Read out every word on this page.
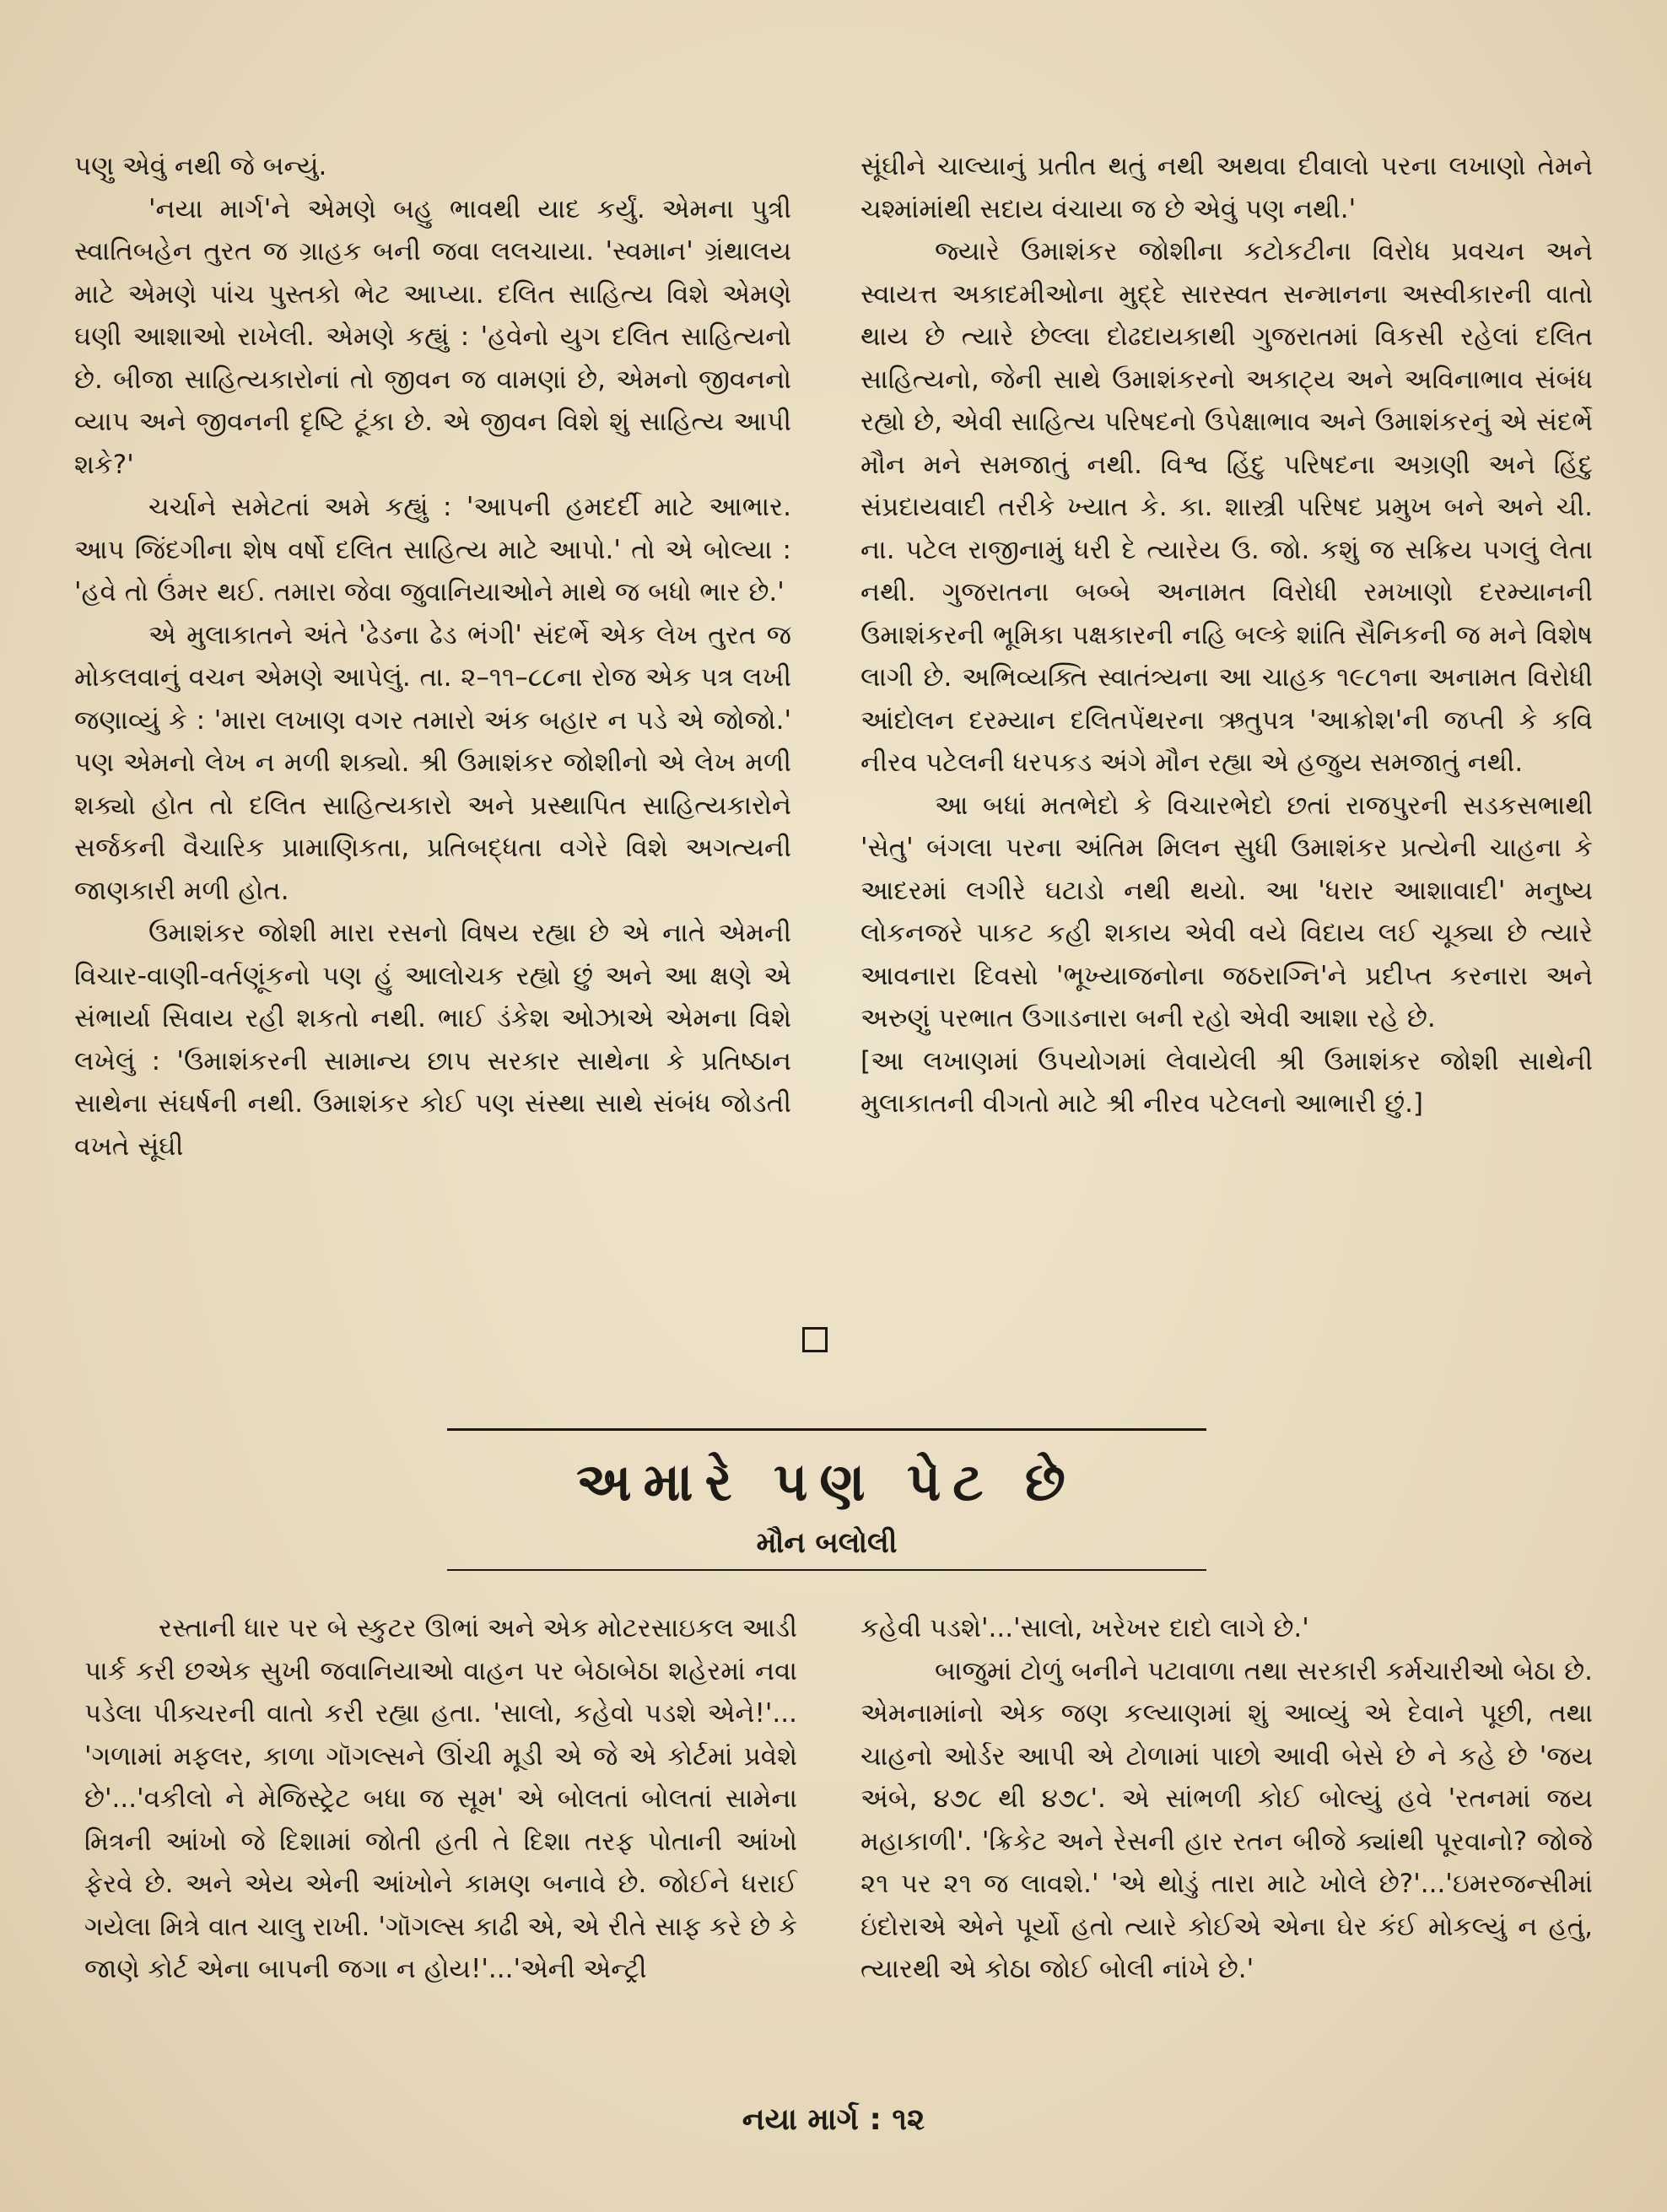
પણુ એવું નથી જે બન્યું.

'નયા માર્ગ'ને એમણે બહુ ભાવથી યાદ કર્યું. એમના પુત્રી સ્વાતિબહેન તુરત જ ગ્રાહક બની જવા લલચાયા. 'સ્વમાન' ગ્રંથાલય માટે એમણે પાંચ પુસ્તકો ભેટ આપ્યા. દલિત સાહિત્ય વિશે એમણે ઘણી આશાઓ રાખેલી. એમણે કહ્યું : 'હવેનો યુગ દલિત સાહિત્યનો છે. બીજા સાહિત્યકારોનાં તો જીવન જ વામણાં છે, એમનો જીવનનો વ્યાપ અને જીવનની દૃષ્ટિ ટૂંકા છે. એ જીવન વિશે શું સાહિત્ય આપી શકે?'

ચર્ચાને સમેટતાં અમે કહ્યું : 'આપની હમદર્દી માટે આભાર. આપ જિંદગીના શેષ વર્ષો દલિત સાહિત્ય માટે આપો.' તો એ બોલ્યા : 'હવે તો ઉંમર થઈ. તમારા જેવા જુવાનિયાઓને માથે જ બધો ભાર છે.'

એ મુલાકાતને અંતે 'ઢેડના ઢેડ ભંગી' સંદર્ભે એક લેખ તુરત જ મોકલવાનું વચન એમણે આપેલું. તા. ૨–૧૧–૮૮ના રોજ એક પત્ર લખી જણાવ્યું કે : 'મારા લખાણ વગર તમારો અંક બહાર ન પડે એ જોજો.' પણ એમનો લેખ ન મળી શક્યો. શ્રી ઉમાશંકર જોશીનો એ લેખ મળી શક્યો હોત તો દલિત સાહિત્યકારો અને પ્રસ્થાપિત સાહિત્યકારોને સર્જકની વૈચારિક પ્રામાણિકતા, પ્રતિબદ્ધતા વગેરે વિશે અગત્યની જાણકારી મળી હોત.

ઉમાશંકર જોશી મારા રસનો વિષય રહ્યા છે એ નાતે એમની વિચાર-વાણી-વર્તણૂંકનો પણ હું આલોચક રહ્યો છું અને આ ક્ષણે એ સંભાર્યા સિવાય રહી શકતો નથી. ભાઈ ડંકેશ ઓઝાએ એમના વિશે લખેલું : 'ઉમાશંકરની સામાન્ય છાપ સરકાર સાથેના કે પ્રતિષ્ઠાન સાથેના સંઘર્ષની નથી. ઉમાશંકર કોઈ પણ સંસ્થા સાથે સંબંધ જોડતી વખતે સૂંઘી

સૂંઘીને ચાલ્યાનું પ્રતીત થતું નથી અથવા દીવાલો પરના લખાણો તેમને ચશ્માંમાંથી સદાય વંચાયા જ છે એવું પણ નથી.'

જ્યારે ઉમાશંકર જોશીના કટોકટીના વિરોધ પ્રવચન અને સ્વાયત્ત અકાદમીઓના મુદ્દે સારસ્વત સન્માનના અસ્વીકારની વાતો થાય છે ત્યારે છેલ્લા દોઢદાયકાથી ગુજરાતમાં વિકસી રહેલાં દલિત સાહિત્યનો, જેની સાથે ઉમાશંકરનો અકાટ્ય અને અવિનાભાવ સંબંધ રહ્યો છે, એવી સાહિત્ય પરિષદનો ઉપેક્ષાભાવ અને ઉમાશંકરનું એ સંદર્ભે મૌન મને સમજાતું નથી. વિશ્વ હિંદુ પરિષદના અગ્રણી અને હિંદુ સંપ્રદાયવાદી તરીકે ખ્યાત કે. કા. શાસ્ત્રી પરિષદ પ્રમુખ બને અને ચી. ના. પટેલ રાજીનામું ધરી દે ત્યારેય ઉ. જો. કશું જ સક્રિય પગલું લેતા નથી. ગુજરાતના બબ્બે અનામત વિરોધી રમખાણો દરમ્યાનની ઉમાશંકરની ભૂમિકા પક્ષકારની નહિ બલ્કે શાંતિ સૈનિકની જ મને વિશેષ લાગી છે. અભિવ્યક્તિ સ્વાતંત્ર્યના આ ચાહક ૧૯૮૧ના અનામત વિરોધી આંદોલન દરમ્યાન દલિતપેંથરના ઋતુપત્ર 'આક્રોશ'ની જપ્તી કે કવિ નીરવ પટેલની ધરપકડ અંગે મૌન રહ્યા એ હજુય સમજાતું નથી.

આ બધાં મતભેદો કે વિચારભેદો છતાં રાજપુરની સડકસભાથી 'સેતુ' બંગલા પરના અંતિમ મિલન સુધી ઉમાશંકર પ્રત્યેની ચાહના કે આદરમાં લગીરે ઘટાડો નથી થયો. આ 'ધરાર આશાવાદી' મનુષ્ય લોકનજરે પાકટ કહી શકાય એવી વયે વિદાય લઈ ચૂક્યા છે ત્યારે આવનારા દિવસો 'ભૂખ્યાજનોના જઠરાગ્નિ'ને પ્રદીપ્ત કરનારા અને અરુણું પરભાત ઉગાડનારા બની રહો એવી આશા રહે છે.

[આ લખાણમાં ઉપયોગમાં લેવાયેલી શ્રી ઉમાશંકર જોશી સાથેની મુલાકાતની વીગતો માટે શ્રી નીરવ પટેલનો આભારી છું.]

અમારે પણ પેટ છે
મૌન બલોલી

રસ્તાની ધાર પર બે સ્કુટર ઊભાં અને એક મોટરસાઇકલ આડી પાર્ક કરી છએક સુખી જવાનિયાઓ વાહન પર બેઠાબેઠા શહેરમાં નવા પડેલા પીક્ચરની વાતો કરી રહ્યા હતા. 'સાલો, કહેવો પડશે એને!'... 'ગળામાં મફલર, કાળા ગૉગલ્સને ઊંચી મૂડી એ જે એ કોર્ટમાં પ્રવેશે છે'...'વકીલો ને મેજિસ્ટ્રેટ બધા જ સૂમ' એ બોલતાં બોલતાં સામેના મિત્રની આંખો જે દિશામાં જોતી હતી તે દિશા તરફ પોતાની આંખો ફેરવે છે. અને એય એની આંખોને કામણ બનાવે છે. જોઈને ધરાઈ ગયેલા મિત્રે વાત ચાલુ રાખી. 'ગૉગલ્સ કાઢી એ, એ રીતે સાફ કરે છે કે જાણે કોર્ટ એના બાપની જગા ન હોય!'...'એની એન્ટ્રી

કહેવી પડશે'...'સાલો, ખરેખર દાદો લાગે છે.'

બાજુમાં ટોળું બનીને પટાવાળા તથા સરકારી કર્મચારીઓ બેઠા છે. એમનામાંનો એક જણ કલ્યાણમાં શું આવ્યું એ દેવાને પૂછી, તથા ચાહનો ઓર્ડર આપી એ ટોળામાં પાછો આવી બેસે છે ને કહે છે 'જય અંબે, ૪૭૮ થી ૪૭૮'. એ સાંભળી કોઈ બોલ્યું હવે 'રતનમાં જય મહાકાળી'. 'ક્રિકેટ અને રેસની હાર રતન બીજે ક્યાંથી પૂરવાનો? જોજે ૨૧ પર ૨૧ જ લાવશે.' 'એ થોડું તારા માટે ખોલે છે?'...'ઇમરજન્સીમાં ઇંદોરાએ એને પૂર્યો હતો ત્યારે કોઈએ એના ઘેર કંઈ મોકલ્યું ન હતું, ત્યારથી એ કોઠા જોઈ બોલી નાંખે છે.'

નયા માર્ગ : ૧૨
